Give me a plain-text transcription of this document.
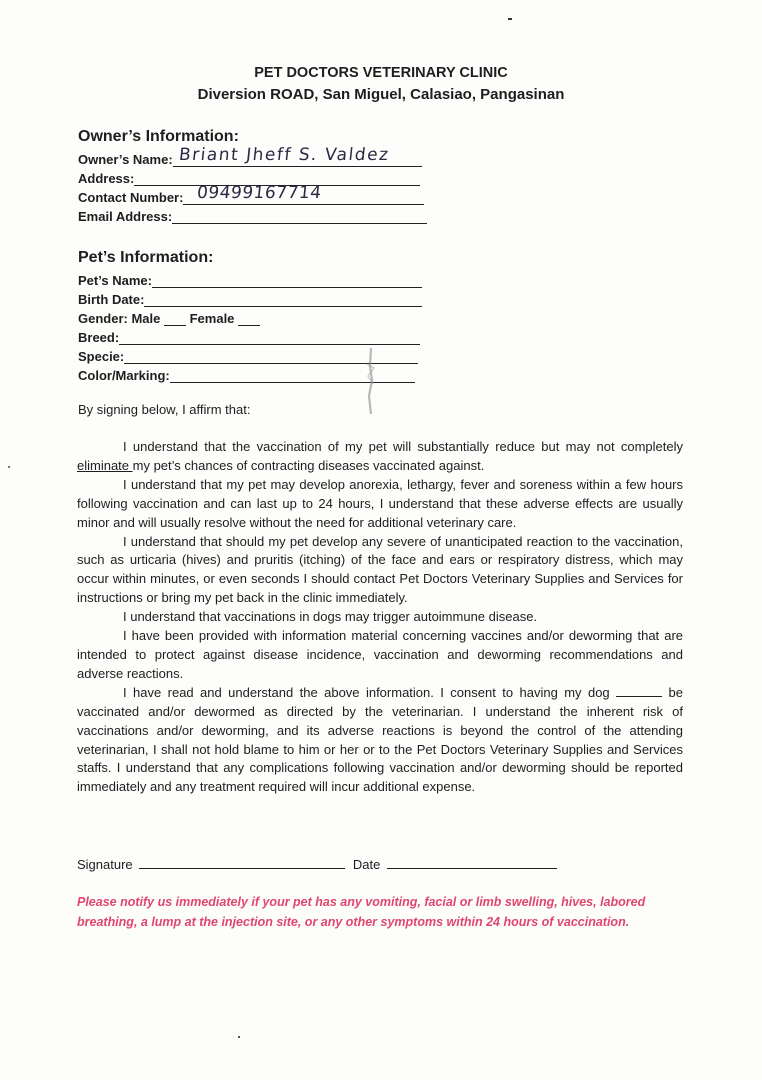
PET DOCTORS VETERINARY CLINIC
Diversion ROAD, San Miguel, Calasiao, Pangasinan
Owner’s Information:
Owner’s Name: Briant Jheff S. Valdez
Address:
Contact Number: 09499167714
Email Address:
Pet’s Information:
Pet’s Name:
Birth Date:
Gender: Male Female
Breed:
Specie:
Color/Marking:
By signing below, I affirm that:

I understand that the vaccination of my pet will substantially reduce but may not completely eliminate my pet’s chances of contracting diseases vaccinated against.

I understand that my pet may develop anorexia, lethargy, fever and soreness within a few hours following vaccination and can last up to 24 hours, I understand that these adverse effects are usually minor and will usually resolve without the need for additional veterinary care.

I understand that should my pet develop any severe of unanticipated reaction to the vaccination, such as urticaria (hives) and pruritis (itching) of the face and ears or respiratory distress, which may occur within minutes, or even seconds I should contact Pet Doctors Veterinary Supplies and Services for instructions or bring my pet back in the clinic immediately.

I understand that vaccinations in dogs may trigger autoimmune disease.

I have been provided with information material concerning vaccines and/or deworming that are intended to protect against disease incidence, vaccination and deworming recommendations and adverse reactions.

I have read and understand the above information. I consent to having my dog	be vaccinated and/or dewormed as directed by the veterinarian. I understand the inherent risk of vaccinations and/or deworming, and its adverse reactions is beyond the control of the attending veterinarian, I shall not hold blame to him or her or to the Pet Doctors Veterinary Supplies and Services staffs. I understand that any complications following vaccination and/or deworming should be reported immediately and any treatment required will incur additional expense.

Signature	Date
Please notify us immediately if your pet has any vomiting, facial or limb swelling, hives, labored breathing, a lump at the injection site, or any other symptoms within 24 hours of vaccination.
